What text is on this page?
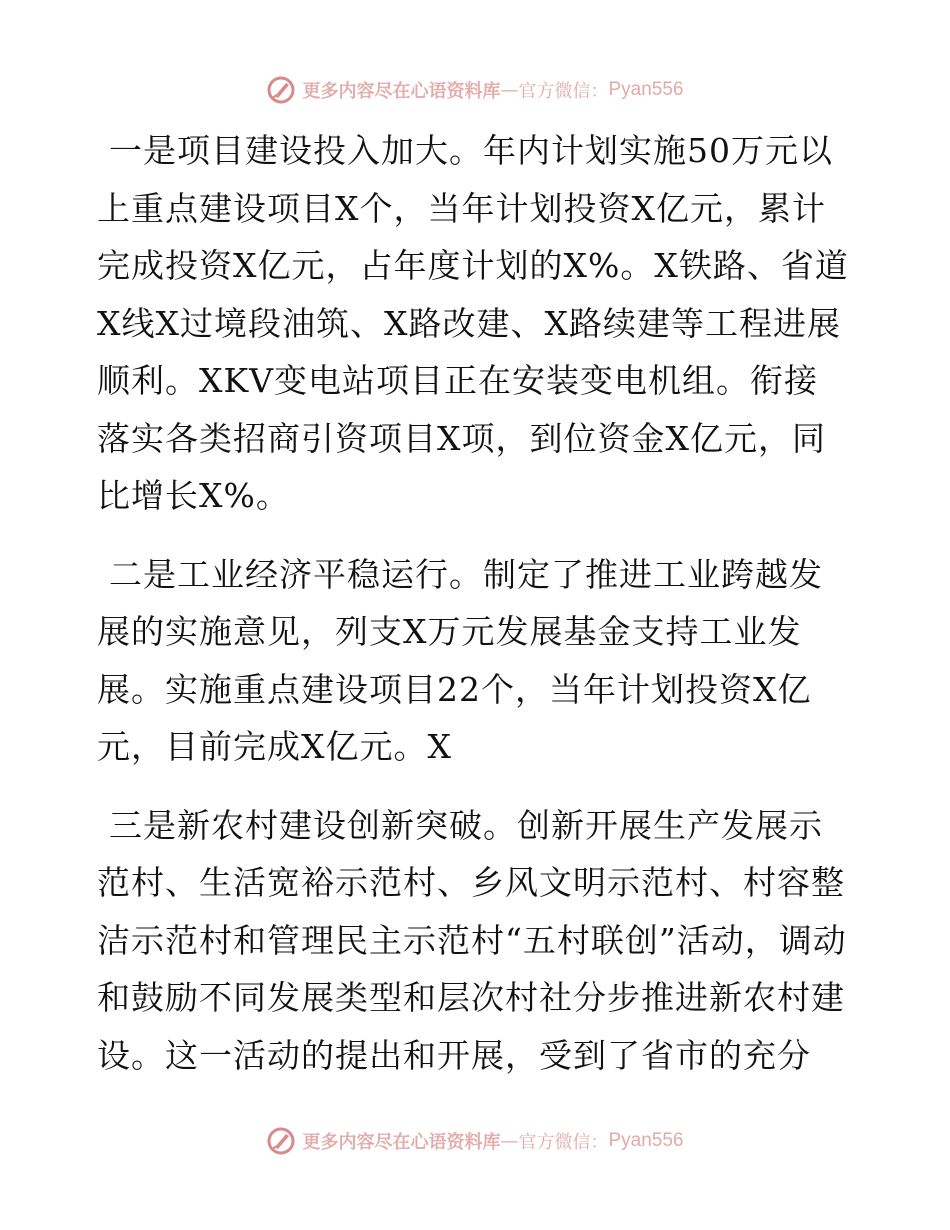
更多内容尽在心语资料库 — 官方微信： Pyan556

一是项目建设投入加大。年内计划实施50万元以上重点建设项目X个，当年计划投资X亿元，累计完成投资X亿元，占年度计划的X%。X铁路、省道X线X过境段油筑、X路改建、X路续建等工程进展顺利。XKV变电站项目正在安装变电机组。衔接落实各类招商引资项目X项，到位资金X亿元，同比增长X%。

二是工业经济平稳运行。制定了推进工业跨越发展的实施意见，列支X万元发展基金支持工业发展。实施重点建设项目22个，当年计划投资X亿元，目前完成X亿元。X

三是新农村建设创新突破。创新开展生产发展示范村、生活宽裕示范村、乡风文明示范村、村容整洁示范村和管理民主示范村“五村联创”活动，调动和鼓励不同发展类型和层次村社分步推进新农村建设。这一活动的提出和开展，受到了省市的充分

更多内容尽在心语资料库 — 官方微信： Pyan556
